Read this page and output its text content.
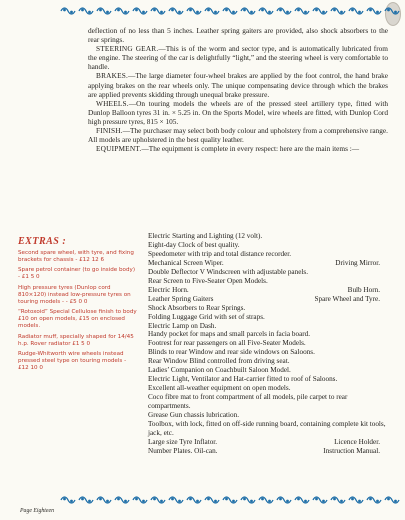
deflection of no less than 5 inches. Leather spring gaiters are provided, also shock absorbers to the rear springs.

STEERING GEAR.—This is of the worm and sector type, and is automatically lubricated from the engine. The steering of the car is delightfully “light,” and the steering wheel is very comfortable to handle.

BRAKES.—The large diameter four-wheel brakes are applied by the foot control, the hand brake applying brakes on the rear wheels only. The unique compensating device through which the brakes are applied prevents skidding through unequal brake pressure.

WHEELS.—On touring models the wheels are of the pressed steel artillery type, fitted with Dunlop Balloon tyres 31 in. × 5.25 in. On the Sports Model, wire wheels are fitted, with Dunlop Cord high pressure tyres, 815 × 105.

FINISH.—The purchaser may select both body colour and upholstery from a comprehensive range. All models are upholstered in the best quality leather.

EQUIPMENT.—The equipment is complete in every respect: here are the main items :—

Electric Starting and Lighting (12 volt).
Eight-day Clock of best quality.
Speedometer with trip and total distance recorder.
Mechanical Screen Wiper.	Driving Mirror.
Double Deflector V Windscreen with adjustable panels.
Rear Screen to Five-Seater Open Models.
Electric Horn.	Bulb Horn.
Leather Spring Gaiters	Spare Wheel and Tyre.
Shock Absorbers to Rear Springs.
Folding Luggage Grid with set of straps.
Electric Lamp on Dash.
Handy pocket for maps and small parcels in facia board.
Footrest for rear passengers on all Five-Seater Models.
Blinds to rear Window and rear side windows on Saloons.
Rear Window Blind controlled from driving seat.
Ladies’ Companion on Coachbuilt Saloon Model.
Electric Light, Ventilator and Hat-carrier fitted to roof of Saloons.
Excellent all-weather equipment on open models.
Coco fibre mat to front compartment of all models, pile carpet to rear compartments.
Grease Gun chassis lubrication.
Toolbox, with lock, fitted on off-side running board, containing complete kit tools, jack, etc.
Large size Tyre Inflator.	Licence Holder.
Number Plates. Oil-can.	Instruction Manual.
EXTRAS :
Second spare wheel, with tyre, and fixing brackets for chassis - £12 12 6
Spare petrol container (to go inside body) - £1 5 0
High pressure tyres (Dunlop cord 810×120) instead low-pressure tyres on touring models - - £5 0 0
“Rotoxoid” Special Cellulose finish to body £10 on open models, £15 on enclosed models.
Radiator muff, specially shaped for 14/45 h.p. Rover radiator £1 5 0
Rudge-Whitworth wire wheels instead pressed steel type on touring models - £12 10 0
Page Eighteen
